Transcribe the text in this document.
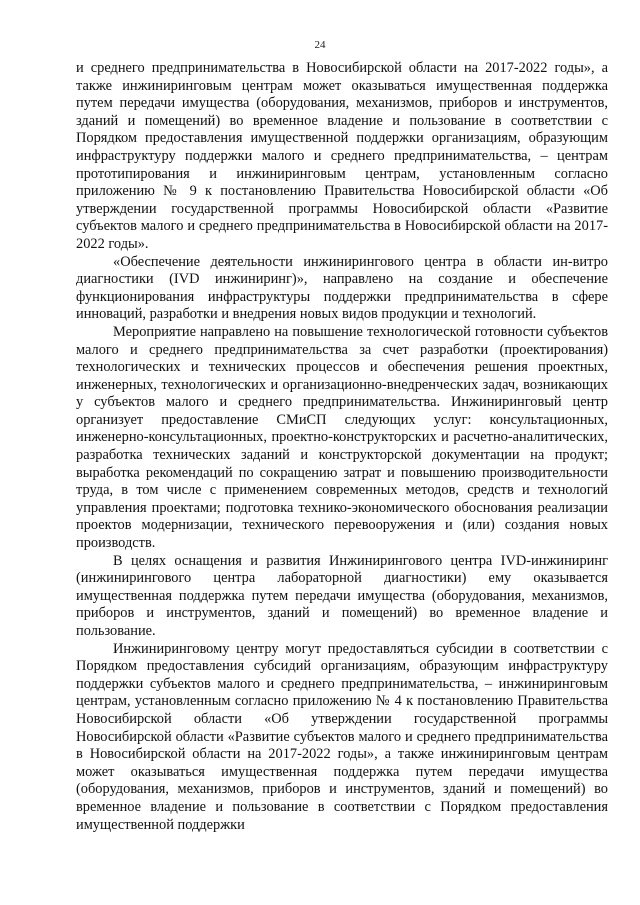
24

и среднего предпринимательства в Новосибирской области на 2017-2022 годы», а также инжиниринговым центрам может оказываться имущественная поддержка путем передачи имущества (оборудования, механизмов, приборов и инструментов, зданий и помещений) во временное владение и пользование в соответствии с Порядком предоставления имущественной поддержки организациям, образующим инфраструктуру поддержки малого и среднего предпринимательства, – центрам прототипирования и инжиниринговым центрам, установленным согласно приложению № 9 к постановлению Правительства Новосибирской области «Об утверждении государственной программы Новосибирской области «Развитие субъектов малого и среднего предпринимательства в Новосибирской области на 2017-2022 годы».

«Обеспечение деятельности инжинирингового центра в области ин-витро диагностики (IVD инжиниринг)», направлено на создание и обеспечение функционирования инфраструктуры поддержки предпринимательства в сфере инноваций, разработки и внедрения новых видов продукции и технологий.

Мероприятие направлено на повышение технологической готовности субъектов малого и среднего предпринимательства за счет разработки (проектирования) технологических и технических процессов и обеспечения решения проектных, инженерных, технологических и организационно-внедренческих задач, возникающих у субъектов малого и среднего предпринимательства. Инжиниринговый центр организует предоставление СМиСП следующих услуг: консультационных, инженерно-консультационных, проектно-конструкторских и расчетно-аналитических, разработка технических заданий и конструкторской документации на продукт; выработка рекомендаций по сокращению затрат и повышению производительности труда, в том числе с применением современных методов, средств и технологий управления проектами; подготовка технико-экономического обоснования реализации проектов модернизации, технического перевооружения и (или) создания новых производств.

В целях оснащения и развития Инжинирингового центра IVD-инжиниринг (инжинирингового центра лабораторной диагностики) ему оказывается имущественная поддержка путем передачи имущества (оборудования, механизмов, приборов и инструментов, зданий и помещений) во временное владение и пользование.

Инжиниринговому центру могут предоставляться субсидии в соответствии с Порядком предоставления субсидий организациям, образующим инфраструктуру поддержки субъектов малого и среднего предпринимательства, – инжиниринговым центрам, установленным согласно приложению № 4 к постановлению Правительства Новосибирской области «Об утверждении государственной программы Новосибирской области «Развитие субъектов малого и среднего предпринимательства в Новосибирской области на 2017-2022 годы», а также инжиниринговым центрам может оказываться имущественная поддержка путем передачи имущества (оборудования, механизмов, приборов и инструментов, зданий и помещений) во временное владение и пользование в соответствии с Порядком предоставления имущественной поддержки
